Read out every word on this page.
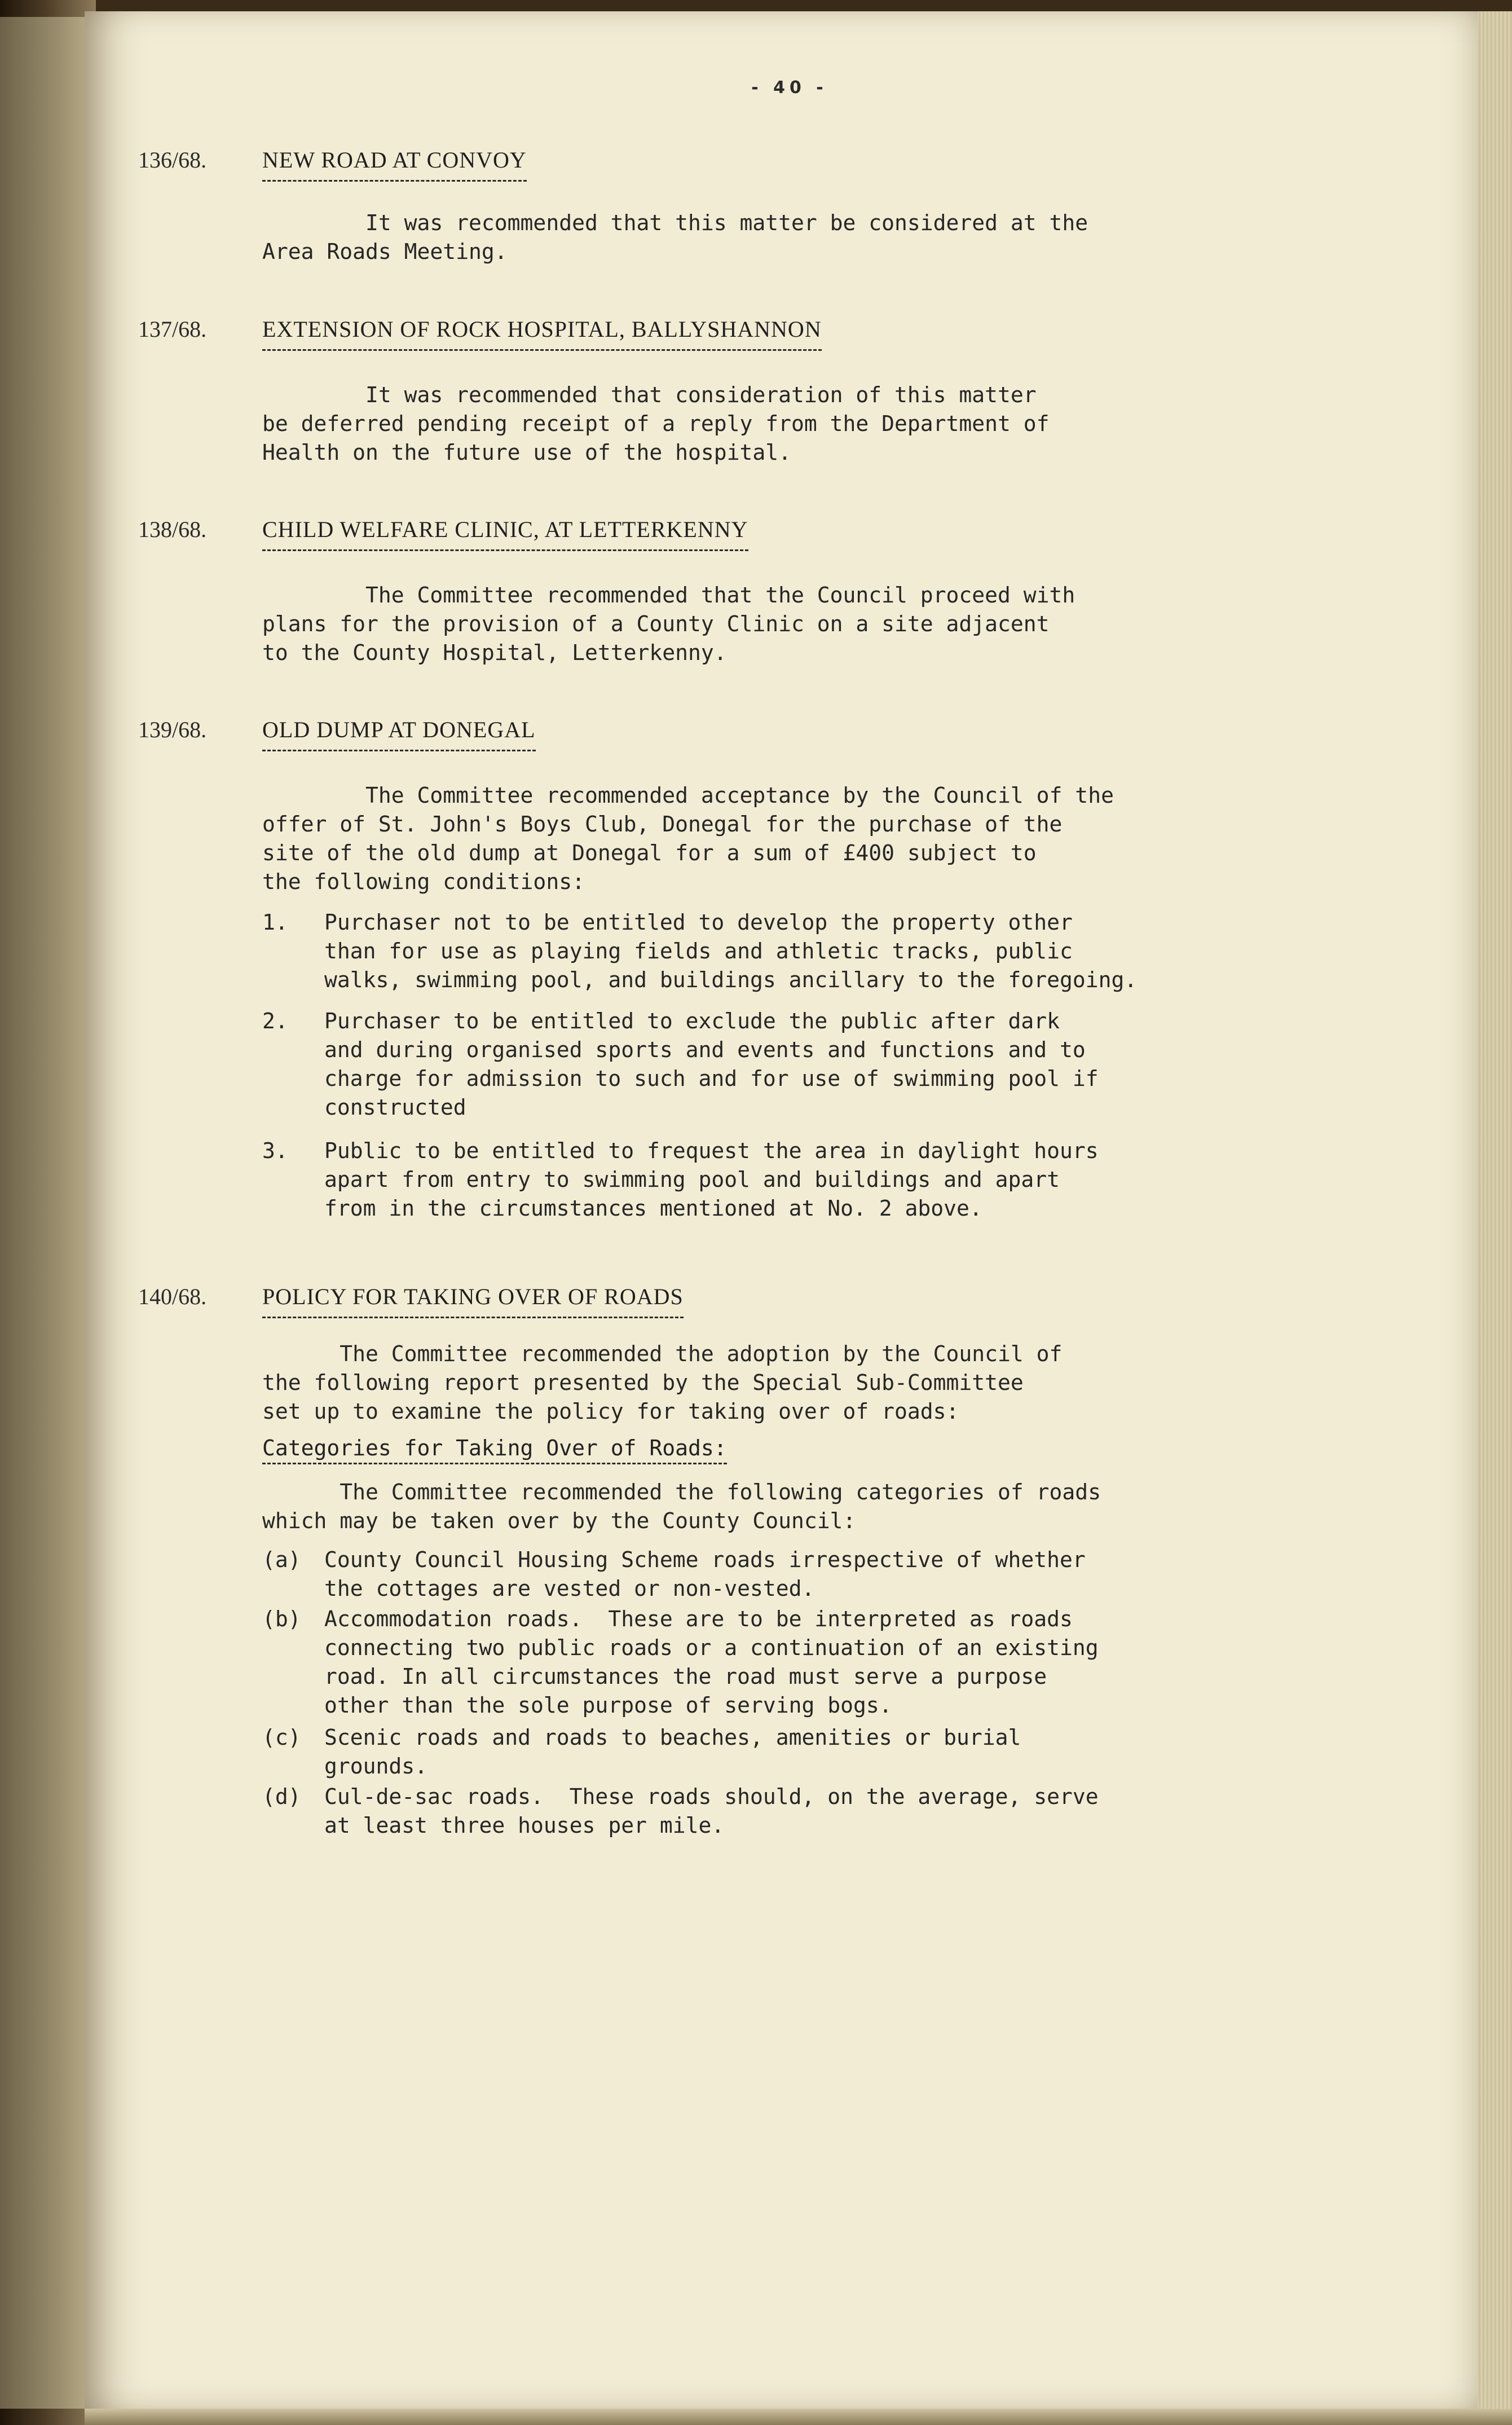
- 40 -
136/68. NEW ROAD AT CONVOY
It was recommended that this matter be considered at the
Area Roads Meeting.
137/68. EXTENSION OF ROCK HOSPITAL, BALLYSHANNON
It was recommended that consideration of this matter
be deferred pending receipt of a reply from the Department of
Health on the future use of the hospital.
138/68. CHILD WELFARE CLINIC, AT LETTERKENNY
The Committee recommended that the Council proceed with
plans for the provision of a County Clinic on a site adjacent
to the County Hospital, Letterkenny.
139/68. OLD DUMP AT DONEGAL
The Committee recommended acceptance by the Council of the
offer of St. John's Boys Club, Donegal for the purchase of the
site of the old dump at Donegal for a sum of £400 subject to
the following conditions:
1. Purchaser not to be entitled to develop the property other
than for use as playing fields and athletic tracks, public
walks, swimming pool, and buildings ancillary to the foregoing.
2. Purchaser to be entitled to exclude the public after dark
and during organised sports and events and functions and to
charge for admission to such and for use of swimming pool if
constructed
3. Public to be entitled to frequest the area in daylight hours
apart from entry to swimming pool and buildings and apart
from in the circumstances mentioned at No. 2 above.
140/68. POLICY FOR TAKING OVER OF ROADS
The Committee recommended the adoption by the Council of
the following report presented by the Special Sub-Committee
set up to examine the policy for taking over of roads:
Categories for Taking Over of Roads:
The Committee recommended the following categories of roads
which may be taken over by the County Council:
(a) County Council Housing Scheme roads irrespective of whether
the cottages are vested or non-vested.
(b) Accommodation roads.  These are to be interpreted as roads
connecting two public roads or a continuation of an existing
road. In all circumstances the road must serve a purpose
other than the sole purpose of serving bogs.
(c) Scenic roads and roads to beaches, amenities or burial
grounds.
(d) Cul-de-sac roads.  These roads should, on the average, serve
at least three houses per mile.
